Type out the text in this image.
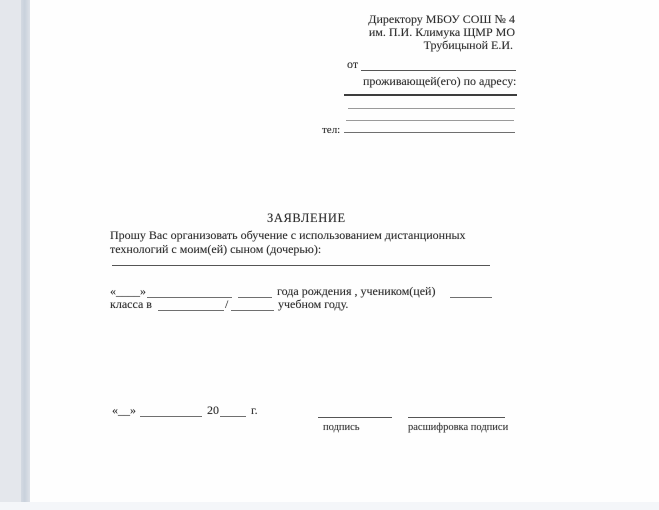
Директору МБОУ СОШ № 4
им. П.И. Климука ЩМР МО
Трубицыной Е.И.
от
проживающей(его) по адресу:
тел:
ЗАЯВЛЕНИЕ
Прошу Вас организовать обучение с использованием дистанционных
технологий с моим(ей) сыном (дочерью):
«____»	года рождения , учеником(цей)
класса в	/	учебном году.
«__»	20	г.
подпись	расшифровка подписи
